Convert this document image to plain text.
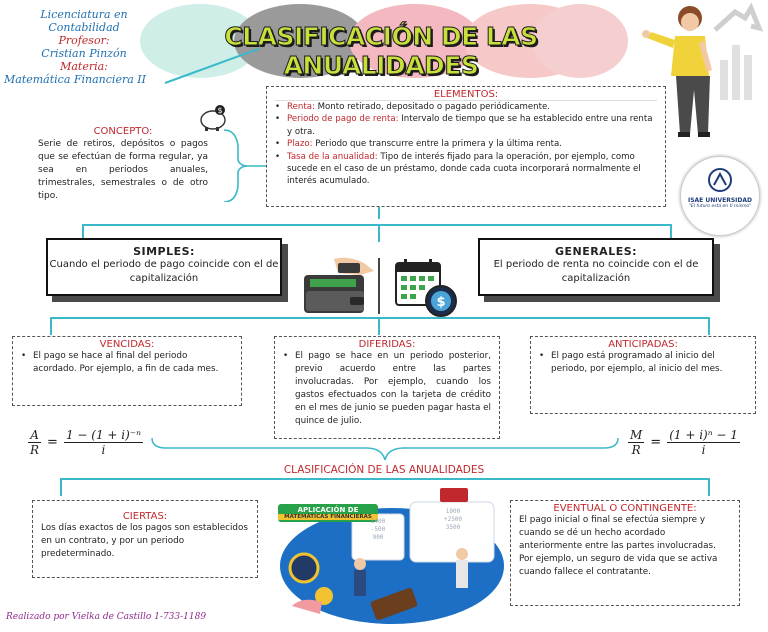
Licenciatura en
Contabilidad
Profesor:
Cristian Pinzón
Materia:
Matemática Financiera II
CLASIFICACIÓN DE LAS ANUALIDADES
ISAE UNIVERSIDAD
"El futuro está en ti mismo"
$
CONCEPTO:
Serie de retiros, depósitos o pagos que se efectúan de forma regular, ya sea en periodos anuales, trimestrales, semestrales o de otro tipo.
ELEMENTOS:
• Renta: Monto retirado, depositado o pagado periódicamente.
• Periodo de pago de renta: Intervalo de tiempo que se ha establecido entre una renta y otra.
• Plazo: Periodo que transcurre entre la primera y la última renta.
• Tasa de la anualidad: Tipo de interés fijado para la operación, por ejemplo, como sucede en el caso de un préstamo, donde cada cuota incorporará normalmente el interés acumulado.
SIMPLES:
Cuando el periodo de pago coincide con el de capitalización
GENERALES:
El periodo de renta no coincide con el de capitalización
$
VENCIDAS:
• El pago se hace al final del periodo acordado. Por ejemplo, a fin de cada mes.
DIFERIDAS:
• El pago se hace en un periodo posterior, previo acuerdo entre las partes involucradas. Por ejemplo, cuando los gastos efectuados con la tarjeta de crédito en el mes de junio se pueden pagar hasta el quince de julio.
ANTICIPADAS:
• El pago está programado al inicio del periodo, por ejemplo, al inicio del mes.
$\frac{A}{R} = \frac{\text{1 − (1 + i)⁻ⁿ}}{i}$	$\frac{M}{R} = \frac{\text{(1 + i)ⁿ − 1}}{i}$
CLASIFICACIÓN DE LAS ANUALIDADES
CIERTAS:
Los días exactos de los pagos son establecidos en un contrato, y por un periodo predeterminado.
EVENTUAL O CONTINGENTE:
El pago inicial o final se efectúa siempre y cuando se dé un hecho acordado anteriormente entre las partes involucradas. Por ejemplo, un seguro de vida que se activa cuando fallece el contratante.
APLICACIÓN DE
MATEMÁTICAS FINANCIERAS
1400
-500
900
1000
+2500
3500
Realizado por Vielka de Castillo 1-733-1189
